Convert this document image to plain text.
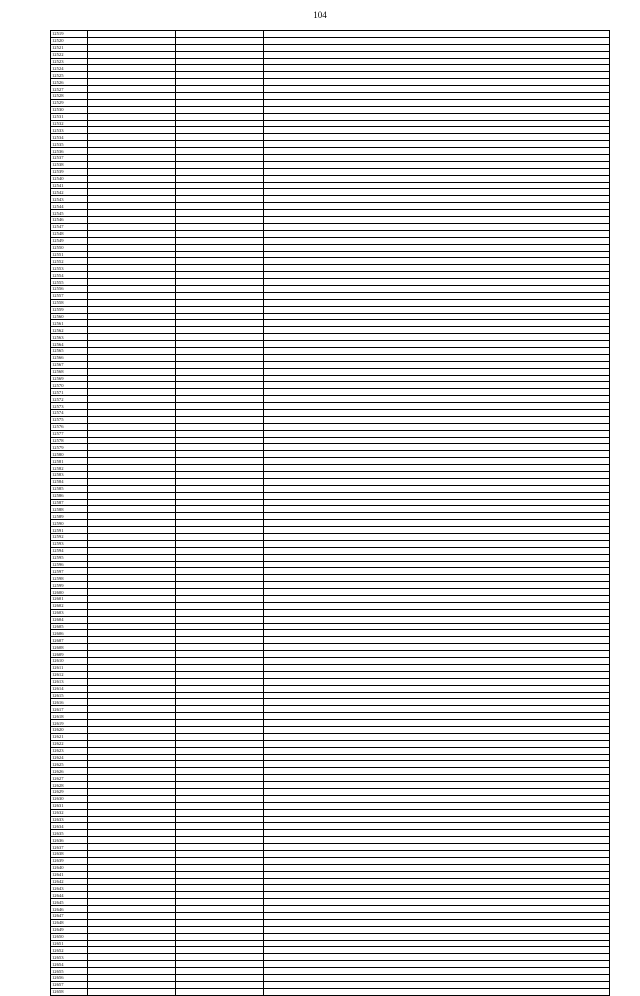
104
12519			
12520			
12521			
12522			
12523			
12524			
12525			
12526			
12527			
12528			
12529			
12530			
12531			
12532			
12533			
12534			
12535			
12536			
12537			
12538			
12539			
12540			
12541			
12542			
12543			
12544			
12545			
12546			
12547			
12548			
12549			
12550			
12551			
12552			
12553			
12554			
12555			
12556			
12557			
12558			
12559			
12560			
12561			
12562			
12563			
12564			
12565			
12566			
12567			
12568			
12569			
12570			
12571			
12572			
12573			
12574			
12575			
12576			
12577			
12578			
12579			
12580			
12581			
12582			
12583			
12584			
12585			
12586			
12587			
12588			
12589			
12590			
12591			
12592			
12593			
12594			
12595			
12596			
12597			
12598			
12599			
12600			
12601			
12602			
12603			
12604			
12605			
12606			
12607			
12608			
12609			
12610			
12611			
12612			
12613			
12614			
12615			
12616			
12617			
12618			
12619			
12620			
12621			
12622			
12623			
12624			
12625			
12626			
12627			
12628			
12629			
12630			
12631			
12632			
12633			
12634			
12635			
12636			
12637			
12638			
12639			
12640			
12641			
12642			
12643			
12644			
12645			
12646			
12647			
12648			
12649			
12650			
12651			
12652			
12653			
12654			
12655			
12656			
12657			
12658			
